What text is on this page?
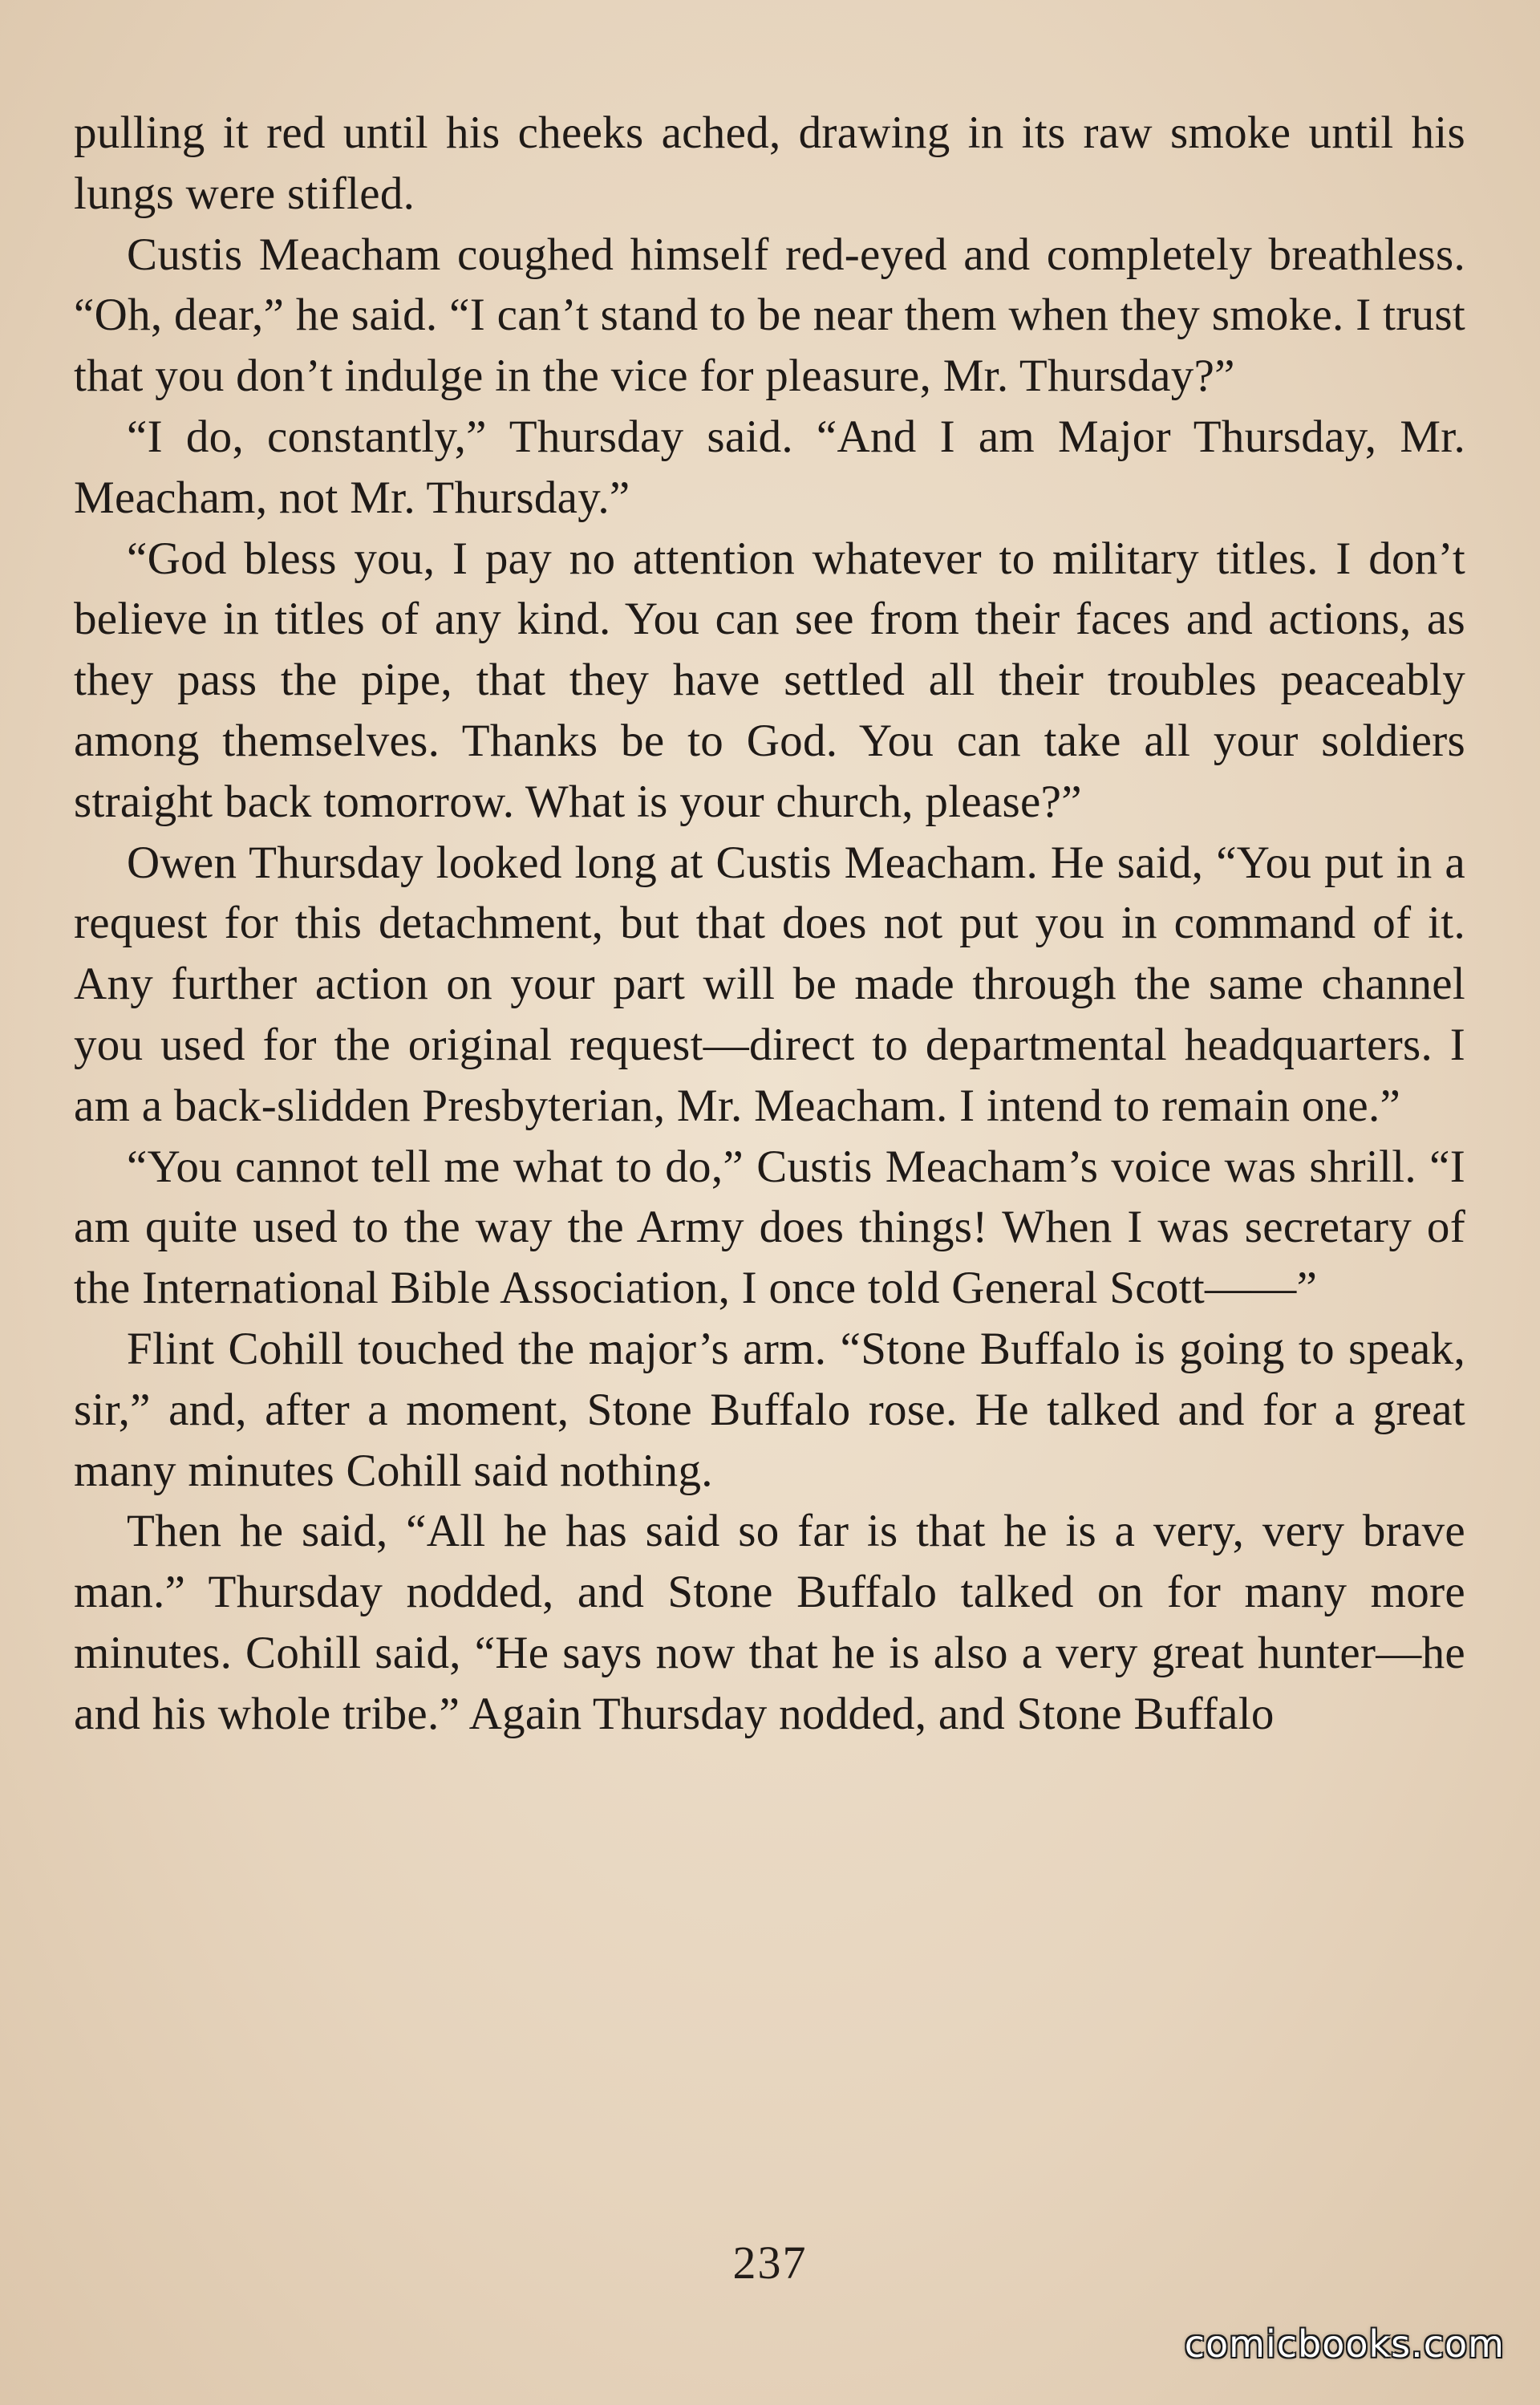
pulling it red until his cheeks ached, drawing in its raw smoke until his lungs were stifled.

Custis Meacham coughed himself red-eyed and completely breathless. “Oh, dear,” he said. “I can’t stand to be near them when they smoke. I trust that you don’t indulge in the vice for pleasure, Mr. Thursday?”

“I do, constantly,” Thursday said. “And I am Major Thursday, Mr. Meacham, not Mr. Thursday.”

“God bless you, I pay no attention whatever to military titles. I don’t believe in titles of any kind. You can see from their faces and actions, as they pass the pipe, that they have settled all their troubles peaceably among themselves. Thanks be to God. You can take all your soldiers straight back tomorrow. What is your church, please?”

Owen Thursday looked long at Custis Meacham. He said, “You put in a request for this detachment, but that does not put you in command of it. Any further action on your part will be made through the same channel you used for the original request—direct to departmental headquarters. I am a back-slidden Presbyterian, Mr. Meacham. I intend to remain one.”

“You cannot tell me what to do,” Custis Meacham’s voice was shrill. “I am quite used to the way the Army does things! When I was secretary of the International Bible Association, I once told General Scott——”

Flint Cohill touched the major’s arm. “Stone Buffalo is going to speak, sir,” and, after a moment, Stone Buffalo rose. He talked and for a great many minutes Cohill said nothing.

Then he said, “All he has said so far is that he is a very, very brave man.” Thursday nodded, and Stone Buffalo talked on for many more minutes. Cohill said, “He says now that he is also a very great hunter—he and his whole tribe.” Again Thursday nodded, and Stone Buffalo

237
comicbooks.com
